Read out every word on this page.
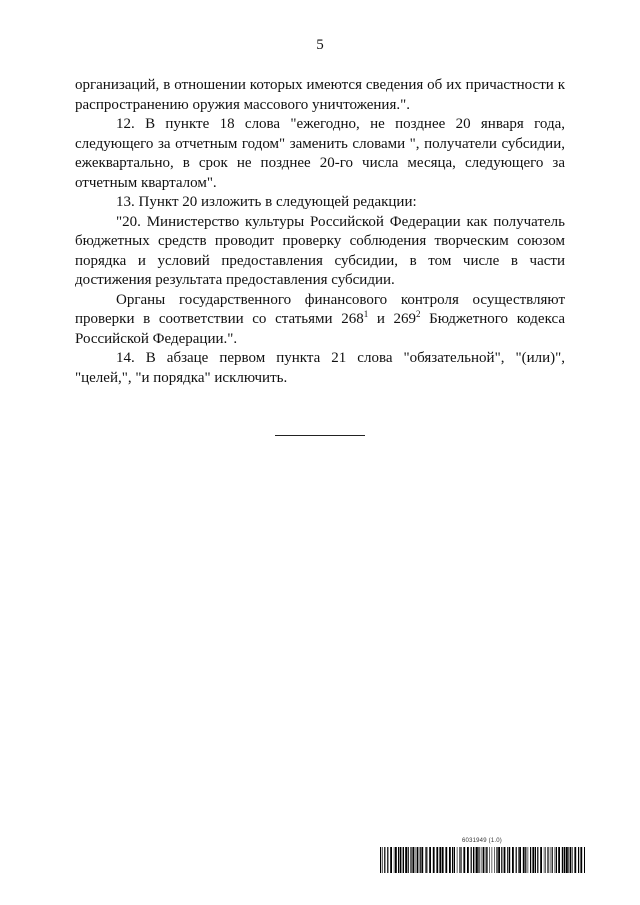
5

организаций, в отношении которых имеются сведения об их причастности к распространению оружия массового уничтожения.".

12. В пункте 18 слова "ежегодно, не позднее 20 января года, следующего за отчетным годом" заменить словами ", получатели субсидии, ежеквартально, в срок не позднее 20-го числа месяца, следующего за отчетным кварталом".

13. Пункт 20 изложить в следующей редакции:

"20. Министерство культуры Российской Федерации как получатель бюджетных средств проводит проверку соблюдения творческим союзом порядка и условий предоставления субсидии, в том числе в части достижения результата предоставления субсидии.

Органы государственного финансового контроля осуществляют проверки в соответствии со статьями $268^1$ и $269^2$ Бюджетного кодекса Российской Федерации.".

14. В абзаце первом пункта 21 слова "обязательной", "(или)", "целей,", "и порядка" исключить.

6031949 (1.0)
